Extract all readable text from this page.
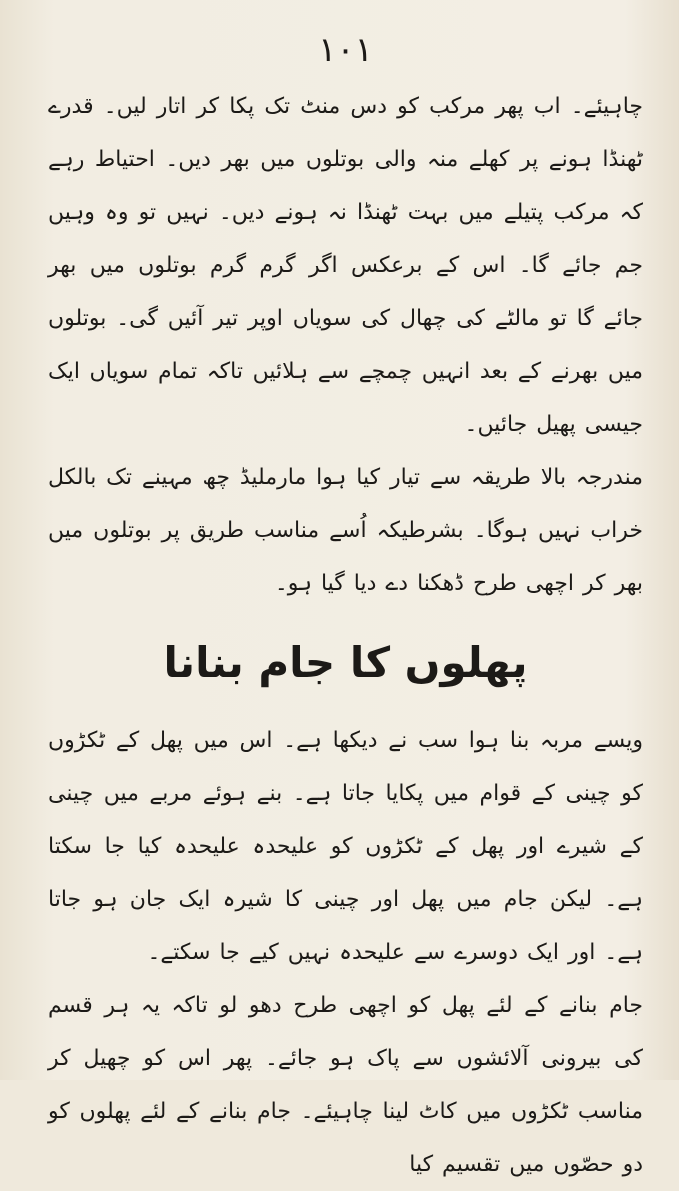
۱۰۱

چاہیئے۔ اب پھر مرکب کو دس منٹ تک پکا کر اتار لیں۔ قدرے ٹھنڈا ہونے پر کھلے منہ والی بوتلوں میں بھر دیں۔ احتیاط رہے کہ مرکب پتیلے میں بہت ٹھنڈا نہ ہونے دیں۔ نہیں تو وہ وہیں جم جائے گا۔ اس کے برعکس اگر گرم گرم بوتلوں میں بھر جائے گا تو مالٹے کی چھال کی سویاں اوپر تیر آئیں گی۔ بوتلوں میں بھرنے کے بعد انہیں چمچے سے ہلائیں تاکہ تمام سویاں ایک جیسی پھیل جائیں۔

مندرجہ بالا طریقہ سے تیار کیا ہوا مارملیڈ چھ مہینے تک بالکل خراب نہیں ہوگا۔ بشرطیکہ اُسے مناسب طریق پر بوتلوں میں بھر کر اچھی طرح ڈھکنا دے دیا گیا ہو۔

پھلوں کا جام بنانا

ویسے مربہ بنا ہوا سب نے دیکھا ہے۔ اس میں پھل کے ٹکڑوں کو چینی کے قوام میں پکایا جاتا ہے۔ بنے ہوئے مربے میں چینی کے شیرے اور پھل کے ٹکڑوں کو علیحدہ علیحدہ کیا جا سکتا ہے۔ لیکن جام میں پھل اور چینی کا شیرہ ایک جان ہو جاتا ہے۔ اور ایک دوسرے سے علیحدہ نہیں کیے جا سکتے۔

جام بنانے کے لئے پھل کو اچھی طرح دھو لو تاکہ یہ ہر قسم کی بیرونی آلائشوں سے پاک ہو جائے۔ پھر اس کو چھیل کر مناسب ٹکڑوں میں کاٹ لینا چاہیئے۔ جام بنانے کے لئے پھلوں کو دو حصّوں میں تقسیم کیا
